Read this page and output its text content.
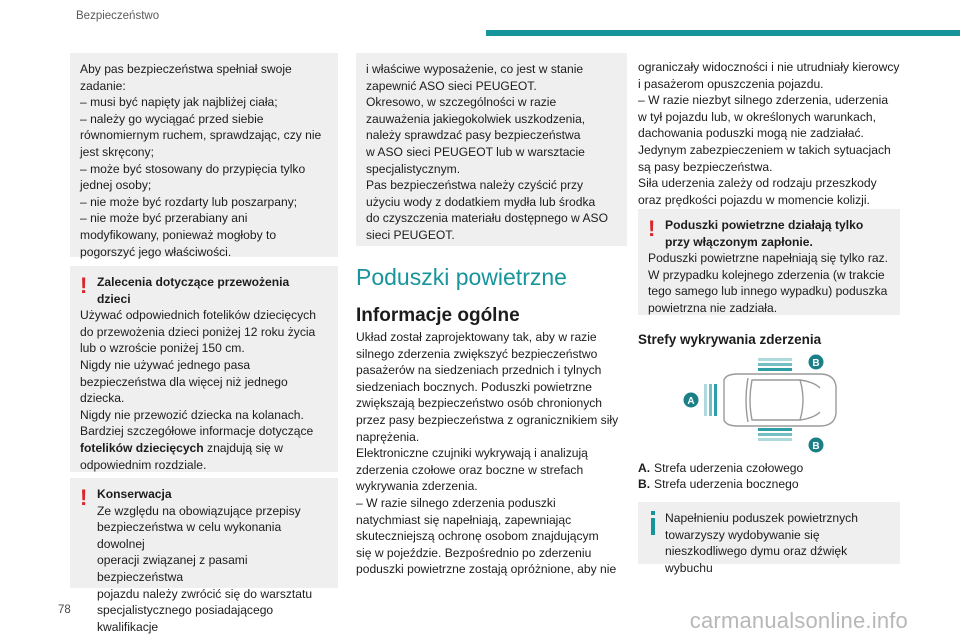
Bezpieczeństwo
78	carmanualsonline.info

Aby pas bezpieczeństwa spełniał swoje
zadanie:
– musi być napięty jak najbliżej ciała;
– należy go wyciągać przed siebie
równomiernym ruchem, sprawdzając, czy nie
jest skręcony;
– może być stosowany do przypięcia tylko
jednej osoby;
– nie może być rozdarty lub poszarpany;
– nie może być przerabiany ani
modyfikowany, ponieważ mogłoby to
pogorszyć jego właściwości.

! Zalecenia dotyczące przewożenia
dzieci

Używać odpowiednich fotelików dziecięcych
do przewożenia dzieci poniżej 12 roku życia
lub o wzroście poniżej 150 cm.
Nigdy nie używać jednego pasa
bezpieczeństwa dla więcej niż jednego
dziecka.
Nigdy nie przewozić dziecka na kolanach.
Bardziej szczegółowe informacje dotyczące
fotelików dziecięcych znajdują się w
odpowiednim rozdziale.

! Konserwacja

Ze względu na obowiązujące przepisy
bezpieczeństwa w celu wykonania dowolnej
operacji związanej z pasami bezpieczeństwa
pojazdu należy zwrócić się do warsztatu
specjalistycznego posiadającego kwalifikacje

i właściwe wyposażenie, co jest w stanie
zapewnić ASO sieci PEUGEOT.
Okresowo, w szczególności w razie
zauważenia jakiegokolwiek uszkodzenia,
należy sprawdzać pasy bezpieczeństwa
w ASO sieci PEUGEOT lub w warsztacie
specjalistycznym.
Pas bezpieczeństwa należy czyścić przy
użyciu wody z dodatkiem mydła lub środka
do czyszczenia materiału dostępnego w ASO
sieci PEUGEOT.

Poduszki powietrzne
Informacje ogólne
Układ został zaprojektowany tak, aby w razie
silnego zderzenia zwiększyć bezpieczeństwo
pasażerów na siedzeniach przednich i tylnych
siedzeniach bocznych. Poduszki powietrzne
zwiększają bezpieczeństwo osób chronionych
przez pasy bezpieczeństwa z ogranicznikiem siły
naprężenia.
Elektroniczne czujniki wykrywają i analizują
zderzenia czołowe oraz boczne w strefach
wykrywania zderzenia.
– W razie silnego zderzenia poduszki
natychmiast się napełniają, zapewniając
skuteczniejszą ochronę osobom znajdującym
się w pojeździe. Bezpośrednio po zderzeniu
poduszki powietrzne zostają opróżnione, aby nie
ograniczały widoczności i nie utrudniały kierowcy
i pasażerom opuszczenia pojazdu.
– W razie niezbyt silnego zderzenia, uderzenia
w tył pojazdu lub, w określonych warunkach,
dachowania poduszki mogą nie zadziałać.
Jedynym zabezpieczeniem w takich sytuacjach
są pasy bezpieczeństwa.
Siła uderzenia zależy od rodzaju przeszkody
oraz prędkości pojazdu w momencie kolizji.
! Poduszki powietrzne działają tylko
przy włączonym zapłonie.

Poduszki powietrzne napełniają się tylko raz.
W przypadku kolejnego zderzenia (w trakcie
tego samego lub innego wypadku) poduszka
powietrzna nie zadziała.

Strefy wykrywania zderzenia
A
B
B
A. Strefa uderzenia czołowego
B. Strefa uderzenia bocznego

Napełnieniu poduszek powietrznych
towarzyszy wydobywanie się
nieszkodliwego dymu oraz dźwięk wybuchu
